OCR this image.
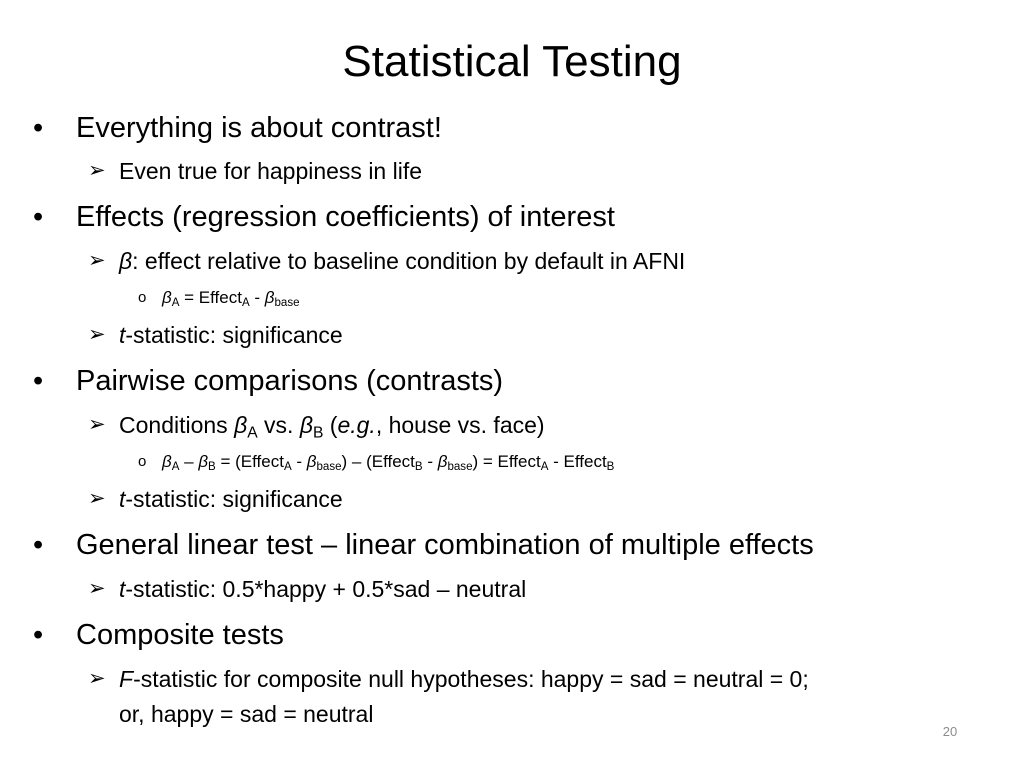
Statistical Testing
• Everything is about contrast!
➢ Even true for happiness in life
• Effects (regression coefficients) of interest
➢ β: effect relative to baseline condition by default in AFNI
o $\beta_A$ = Effect$_A$ - $\beta_{base}$
➢ t-statistic: significance
• Pairwise comparisons (contrasts)
➢ Conditions $\beta_A$ vs. $\beta_B$ (e.g., house vs. face)
o $\beta_A - \beta_B$ = (Effect$_A$ - $\beta_{base}$) – (Effect$_B$ - $\beta_{base}$) = Effect$_A$ - Effect$_B$
➢ t-statistic: significance
• General linear test – linear combination of multiple effects
➢ t-statistic: 0.5*happy + 0.5*sad – neutral
• Composite tests
➢ F-statistic for composite null hypotheses: happy = sad = neutral = 0;
or, happy = sad = neutral
20
